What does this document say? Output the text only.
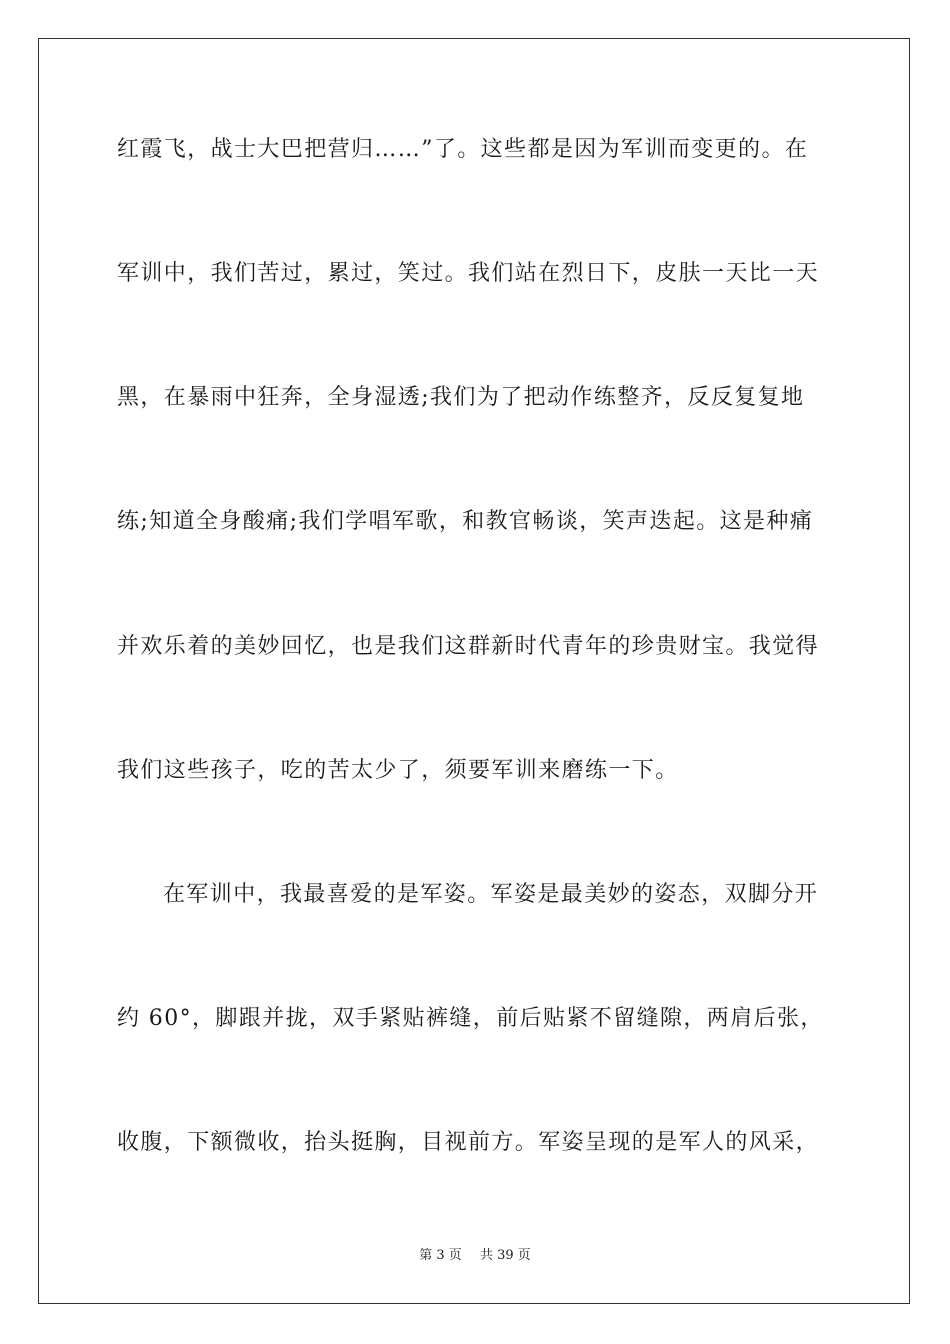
红霞飞，战士大巴把营归……”了。这些都是因为军训而变更的。在
军训中，我们苦过，累过，笑过。我们站在烈日下，皮肤一天比一天
黑，在暴雨中狂奔，全身湿透;我们为了把动作练整齐，反反复复地
练;知道全身酸痛;我们学唱军歌，和教官畅谈，笑声迭起。这是种痛
并欢乐着的美妙回忆，也是我们这群新时代青年的珍贵财宝。我觉得
我们这些孩子，吃的苦太少了，须要军训来磨练一下。
在军训中，我最喜爱的是军姿。军姿是最美妙的姿态，双脚分开
约 60°，脚跟并拢，双手紧贴裤缝，前后贴紧不留缝隙，两肩后张，
收腹，下额微收，抬头挺胸，目视前方。军姿呈现的是军人的风采，
第 3 页 共 39 页
